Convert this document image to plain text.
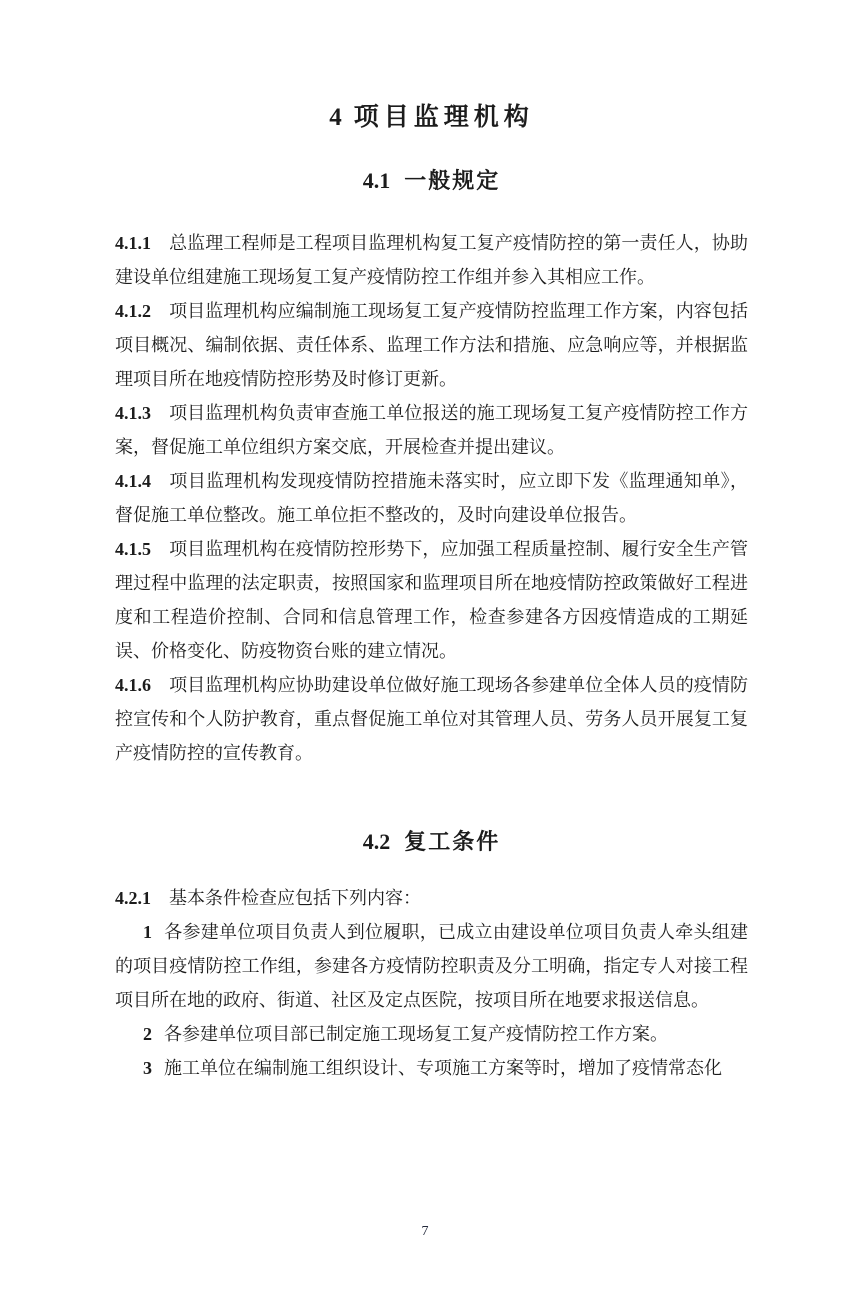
4 项目监理机构
4.1 一般规定

4.1.1 总监理工程师是工程项目监理机构复工复产疫情防控的第一责任人，协助建设单位组建施工现场复工复产疫情防控工作组并参入其相应工作。

4.1.2 项目监理机构应编制施工现场复工复产疫情防控监理工作方案，内容包括项目概况、编制依据、责任体系、监理工作方法和措施、应急响应等，并根据监理项目所在地疫情防控形势及时修订更新。

4.1.3 项目监理机构负责审查施工单位报送的施工现场复工复产疫情防控工作方案，督促施工单位组织方案交底，开展检查并提出建议。

4.1.4 项目监理机构发现疫情防控措施未落实时，应立即下发《监理通知单》，督促施工单位整改。施工单位拒不整改的，及时向建设单位报告。

4.1.5 项目监理机构在疫情防控形势下，应加强工程质量控制、履行安全生产管理过程中监理的法定职责，按照国家和监理项目所在地疫情防控政策做好工程进度和工程造价控制、合同和信息管理工作，检查参建各方因疫情造成的工期延误、价格变化、防疫物资台账的建立情况。

4.1.6 项目监理机构应协助建设单位做好施工现场各参建单位全体人员的疫情防控宣传和个人防护教育，重点督促施工单位对其管理人员、劳务人员开展复工复产疫情防控的宣传教育。

4.2 复工条件

4.2.1 基本条件检查应包括下列内容：

1 各参建单位项目负责人到位履职，已成立由建设单位项目负责人牵头组建的项目疫情防控工作组，参建各方疫情防控职责及分工明确，指定专人对接工程项目所在地的政府、街道、社区及定点医院，按项目所在地要求报送信息。

2 各参建单位项目部已制定施工现场复工复产疫情防控工作方案。

3 施工单位在编制施工组织设计、专项施工方案等时，增加了疫情常态化

7
